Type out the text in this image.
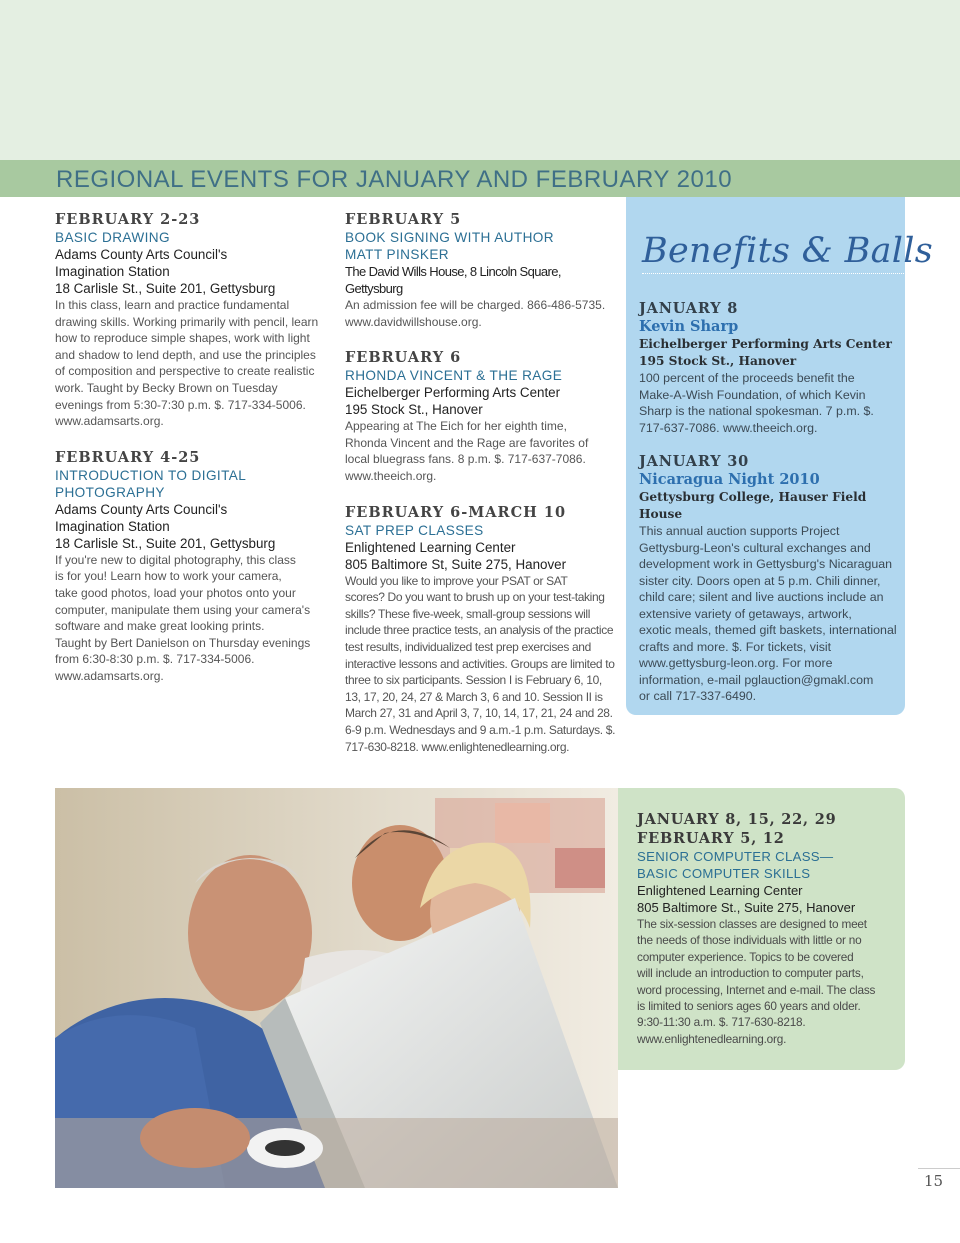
REGIONAL EVENTS FOR JANUARY AND FEBRUARY 2010
FEBRUARY 2-23
BASIC DRAWING
Adams County Arts Council's
Imagination Station
18 Carlisle St., Suite 201, Gettysburg
In this class, learn and practice fundamental
drawing skills. Working primarily with pencil, learn
how to reproduce simple shapes, work with light
and shadow to lend depth, and use the principles
of composition and perspective to create realistic
work. Taught by Becky Brown on Tuesday
evenings from 5:30-7:30 p.m. $. 717-334-5006.
www.adamsarts.org.
FEBRUARY 4-25
INTRODUCTION TO DIGITAL
PHOTOGRAPHY
Adams County Arts Council's
Imagination Station
18 Carlisle St., Suite 201, Gettysburg
If you're new to digital photography, this class
is for you! Learn how to work your camera,
take good photos, load your photos onto your
computer, manipulate them using your camera's
software and make great looking prints.
Taught by Bert Danielson on Thursday evenings
from 6:30-8:30 p.m. $. 717-334-5006.
www.adamsarts.org.
FEBRUARY 5
BOOK SIGNING WITH AUTHOR
MATT PINSKER
The David Wills House, 8 Lincoln Square, Gettysburg
An admission fee will be charged. 866-486-5735.
www.davidwillshouse.org.
FEBRUARY 6
RHONDA VINCENT & THE RAGE
Eichelberger Performing Arts Center
195 Stock St., Hanover
Appearing at The Eich for her eighth time,
Rhonda Vincent and the Rage are favorites of
local bluegrass fans. 8 p.m. $. 717-637-7086.
www.theeich.org.
FEBRUARY 6-MARCH 10
SAT PREP CLASSES
Enlightened Learning Center
805 Baltimore St, Suite 275, Hanover
Would you like to improve your PSAT or SAT
scores? Do you want to brush up on your test-taking
skills? These five-week, small-group sessions will
include three practice tests, an analysis of the practice
test results, individualized test prep exercises and
interactive lessons and activities. Groups are limited to
three to six participants. Session I is February 6, 10,
13, 17, 20, 24, 27 & March 3, 6 and 10. Session II is
March 27, 31 and April 3, 7, 10, 14, 17, 21, 24 and 28.
6-9 p.m. Wednesdays and 9 a.m.-1 p.m. Saturdays. $.
717-630-8218. www.enlightenedlearning.org.
Benefits & Balls
JANUARY 8
Kevin Sharp
Eichelberger Performing Arts Center
195 Stock St., Hanover
100 percent of the proceeds benefit the
Make-A-Wish Foundation, of which Kevin
Sharp is the national spokesman. 7 p.m. $.
717-637-7086. www.theeich.org.
JANUARY 30
Nicaragua Night 2010
Gettysburg College, Hauser Field House
This annual auction supports Project
Gettysburg-Leon's cultural exchanges and
development work in Gettysburg's Nicaraguan
sister city. Doors open at 5 p.m. Chili dinner,
child care; silent and live auctions include an
extensive variety of getaways, artwork,
exotic meals, themed gift baskets, international
crafts and more. $. For tickets, visit
www.gettysburg-leon.org. For more
information, e-mail pglauction@gmakl.com
or call 717-337-6490.
JANUARY 8, 15, 22, 29
FEBRUARY 5, 12
SENIOR COMPUTER CLASS—
BASIC COMPUTER SKILLS
Enlightened Learning Center
805 Baltimore St., Suite 275, Hanover
The six-session classes are designed to meet
the needs of those individuals with little or no
computer experience. Topics to be covered
will include an introduction to computer parts,
word processing, Internet and e-mail. The class
is limited to seniors ages 60 years and older.
9:30-11:30 a.m. $. 717-630-8218.
www.enlightenedlearning.org.
15
